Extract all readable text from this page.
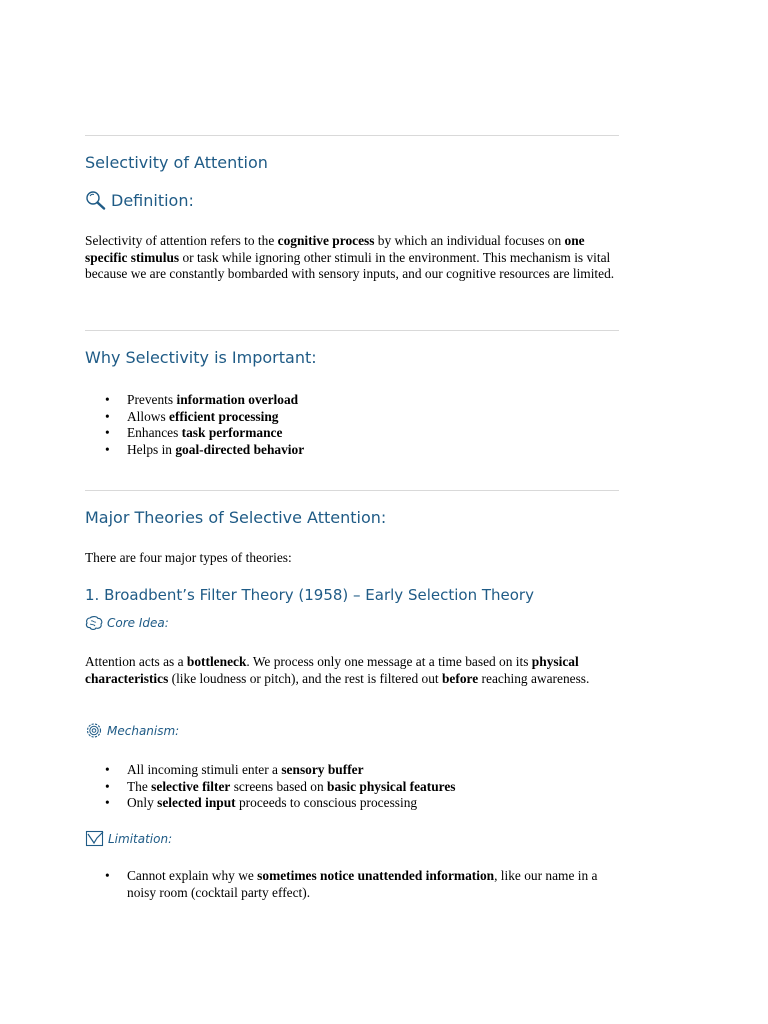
Selectivity of Attention
Definition:

Selectivity of attention refers to the cognitive process by which an individual focuses on one specific stimulus or task while ignoring other stimuli in the environment. This mechanism is vital because we are constantly bombarded with sensory inputs, and our cognitive resources are limited.

Why Selectivity is Important:
• Prevents information overload
• Allows efficient processing
• Enhances task performance
• Helps in goal-directed behavior
Major Theories of Selective Attention:

There are four major types of theories:

1. Broadbent’s Filter Theory (1958) – Early Selection Theory
Core Idea:

Attention acts as a bottleneck. We process only one message at a time based on its physical characteristics (like loudness or pitch), and the rest is filtered out before reaching awareness.

Mechanism:
• All incoming stimuli enter a sensory buffer
• The selective filter screens based on basic physical features
• Only selected input proceeds to conscious processing
Limitation:
• Cannot explain why we sometimes notice unattended information, like our name in a noisy room (cocktail party effect).
